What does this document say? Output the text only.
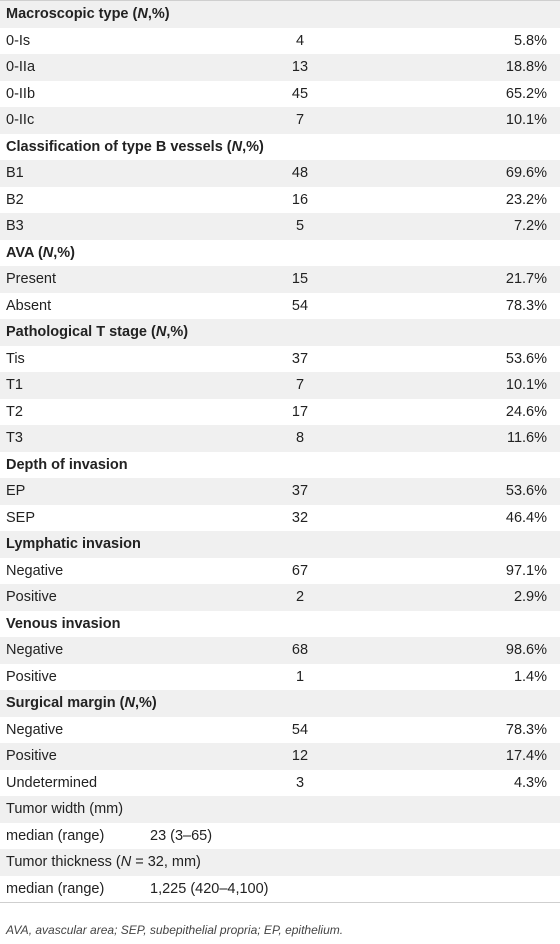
Macroscopic type (N,%)
0-Is	4	5.8%
0-IIa	13	18.8%
0-IIb	45	65.2%
0-IIc	7	10.1%
Classification of type B vessels (N,%)
B1	48	69.6%
B2	16	23.2%
B3	5	7.2%
AVA (N,%)
Present	15	21.7%
Absent	54	78.3%
Pathological T stage (N,%)
Tis	37	53.6%
T1	7	10.1%
T2	17	24.6%
T3	8	11.6%
Depth of invasion
EP	37	53.6%
SEP	32	46.4%
Lymphatic invasion
Negative	67	97.1%
Positive	2	2.9%
Venous invasion
Negative	68	98.6%
Positive	1	1.4%
Surgical margin (N,%)
Negative	54	78.3%
Positive	12	17.4%
Undetermined	3	4.3%
Tumor width (mm)
median (range)	23 (3–65)
Tumor thickness (N = 32, mm)
median (range)	1,225 (420–4,100)
AVA, avascular area; SEP, subepithelial propria; EP, epithelium.
